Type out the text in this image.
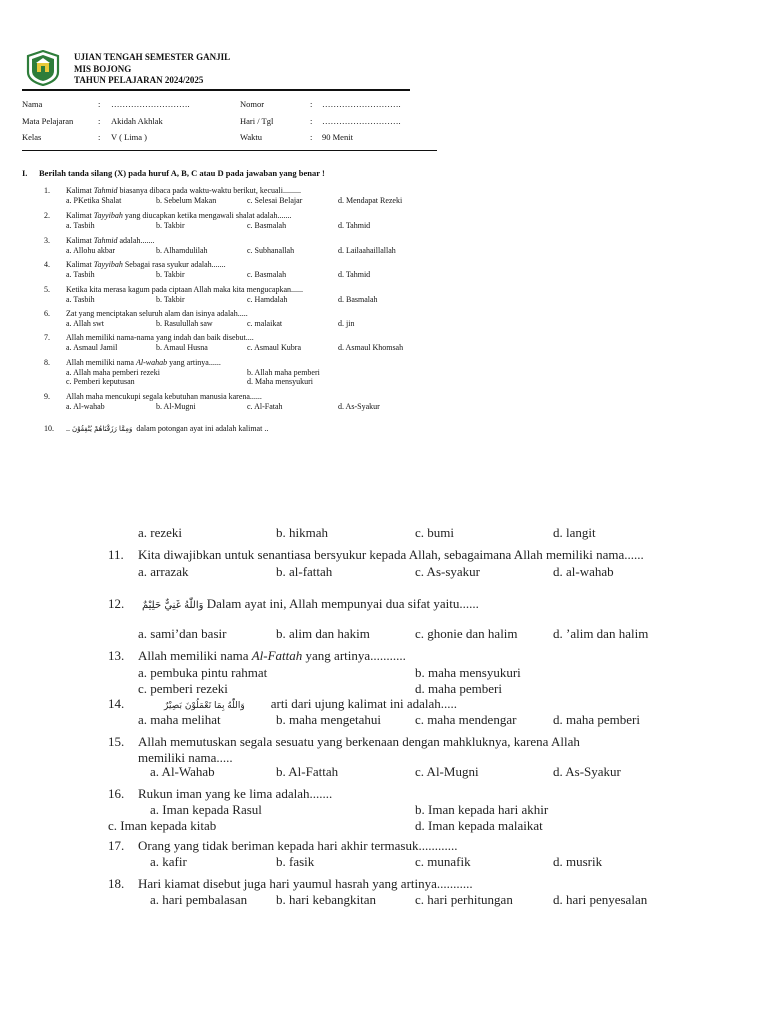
UJIAN TENGAH SEMESTER GANJIL
MIS BOJONG
TAHUN PELAJARAN 2024/2025
Nama	: ……………………….	Nomor	: ……………………….
Mata Pelajaran	: Akidah Akhlak	Hari / Tgl	: ……………………….
Kelas	: V ( Lima )	Waktu	: 90 Menit
I. Berilah tanda silang (X) pada huruf A, B, C atau D pada jawaban yang benar !
1.	Kalimat Tahmid biasanya dibaca pada waktu-waktu berikut, kecuali.........
a. PKetika Shalat	b. Sebelum Makan	c. Selesai Belajar	d. Mendapat Rezeki
2.	Kalimat Tayyibah yang diucapkan ketika mengawali shalat adalah.......
a. Tasbih	b. Takbir	c. Basmalah	d. Tahmid
3.	Kalimat Tahmid adalah.......
a. Allohu akbar	b. Alhamdulilah	c. Subhanallah	d. Lailaahaillallah
4.	Kalimat Tayyibah Sebagai rasa syukur adalah.......
a. Tasbih	b. Takbir	c. Basmalah	d. Tahmid
5.	Ketika kita merasa kagum pada ciptaan Allah maka kita mengucapkan......
a. Tasbih	b. Takbir	c. Hamdalah	d. Basmalah
6.	Zat yang menciptakan seluruh alam dan isinya adalah.....
a. Allah swt	b. Rasulullah saw	c. malaikat	d. jin
7.	Allah memiliki nama-nama yang indah dan baik disebut....
a. Asmaul Jamil	b. Amaul Husna	c. Asmaul Kubra	d. Asmaul Khomsah
8.	Allah memiliki nama Al-wahab yang artinya......
a. Allah maha pemberi rezeki	b. Allah maha pemberi
c. Pemberi keputusan	d. Maha mensyukuri
9.	Allah maha mencukupi segala kebutuhan manusia karena......
a. Al-wahab	b. Al-Mugni	c. Al-Fatah	d. As-Syakur
10.	.. وَمِمَّا رَزَقْنَاهُمْ يُنْفِقُوْنَ dalam potongan ayat ini adalah kalimat ..
a. rezeki	b. hikmah	c. bumi	d. langit
11. Kita diwajibkan untuk senantiasa bersyukur kepada Allah, sebagaimana Allah memiliki nama......
a. arrazak	b. al-fattah	c. As-syakur	d. al-wahab
12. وَاللّٰهُ غَنِيٌّ حَلِيْمٌ Dalam ayat ini, Allah mempunyai dua sifat yaitu......
a. sami’dan basir	b. alim dan hakim	c. ghonie dan halim	d. ’alim dan halim
13. Allah memiliki nama Al-Fattah yang artinya...........
a. pembuka pintu rahmat	b. maha mensyukuri
c. pemberi rezeki	d. maha pemberi
14.	وَاللّٰهُ بِمَا تَعْمَلُوْنَ بَصِيْرٌ arti dari ujung kalimat ini adalah.....
a. maha melihat	b. maha mengetahui	c. maha mendengar	d. maha pemberi
15. Allah memutuskan segala sesuatu yang berkenaan dengan mahkluknya, karena Allah
memiliki nama.....
a. Al-Wahab	b. Al-Fattah	c. Al-Mugni	d. As-Syakur
16. Rukun iman yang ke lima adalah.......
a. Iman kepada Rasul	b. Iman kepada hari akhir
c. Iman kepada kitab	d. Iman kepada malaikat
17. Orang yang tidak beriman kepada hari akhir termasuk............
a. kafir	b. fasik	c. munafik	d. musrik
18. Hari kiamat disebut juga hari yaumul hasrah yang artinya...........
a. hari pembalasan b. hari kebangkitan	c. hari perhitungan	d. hari penyesalan
